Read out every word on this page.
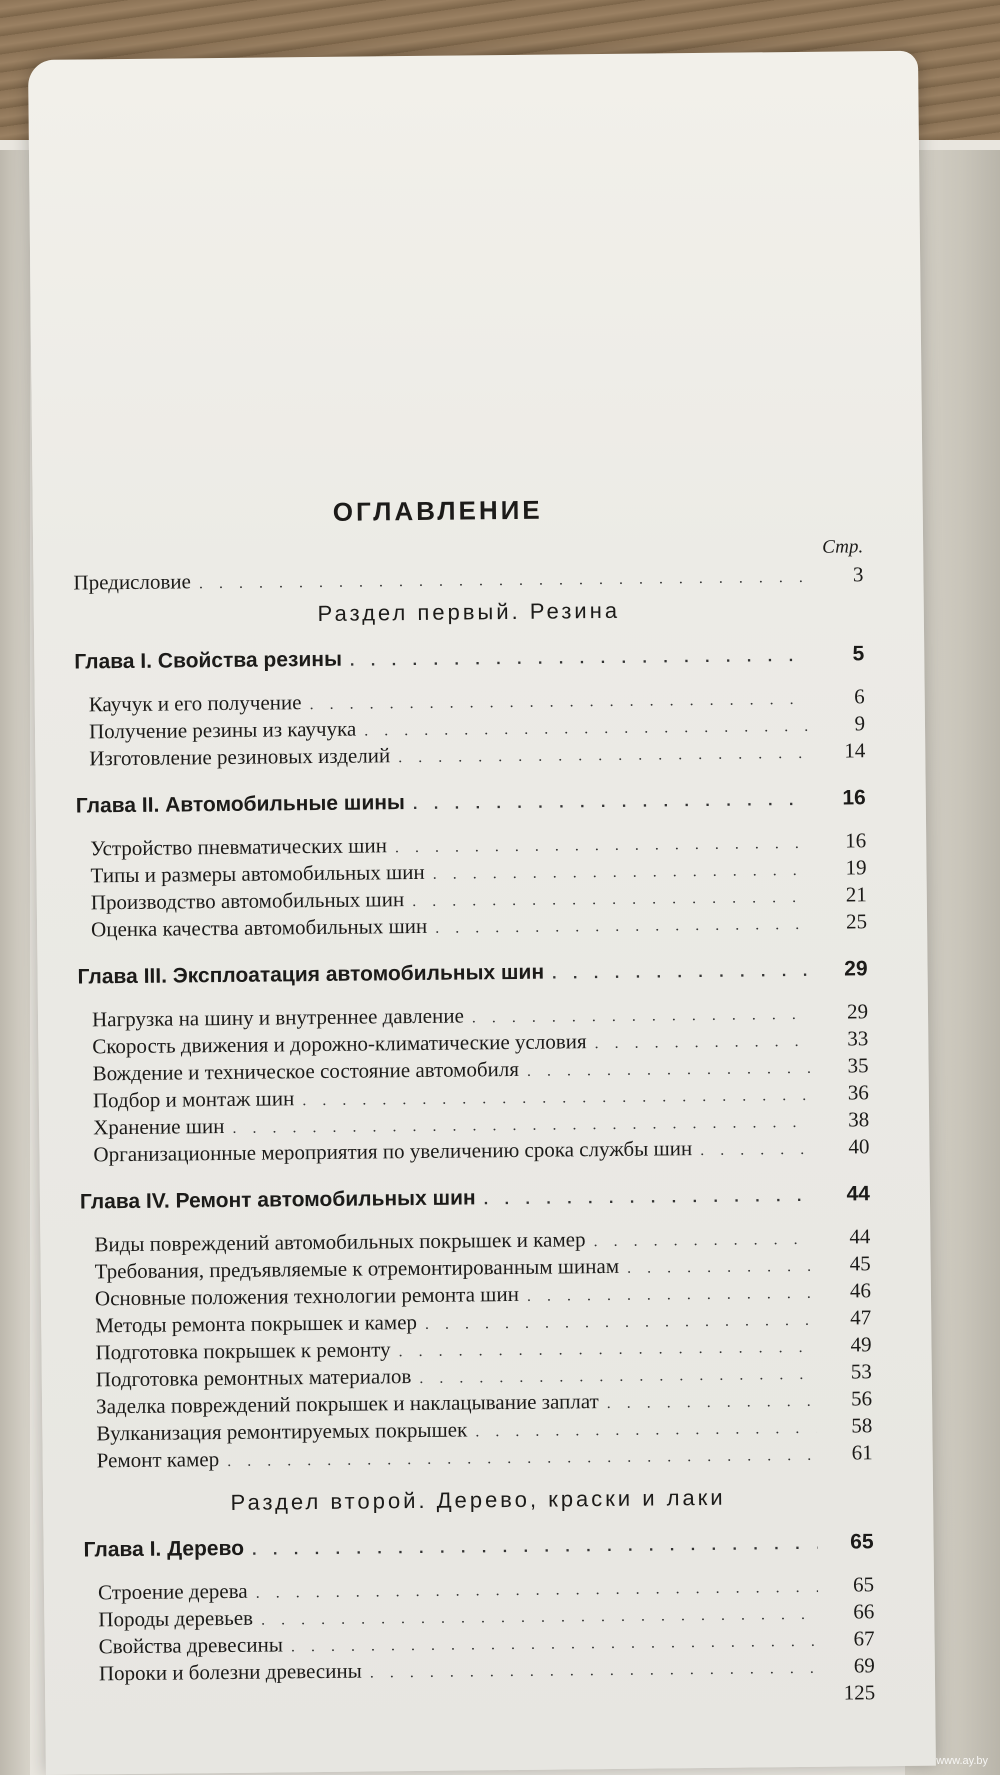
ОГЛАВЛЕНИЕ
Стр.
Предисловие . . .	3
Раздел первый. Резина
Глава I. Свойства резины . . .	5
Каучук и его получение . . .	6
Получение резины из каучука . . .	9
Изготовление резиновых изделий . . .	14
Глава II. Автомобильные шины . . .	16
Устройство пневматических шин . . .	16
Типы и размеры автомобильных шин . . .	19
Производство автомобильных шин . . .	21
Оценка качества автомобильных шин . . .	25
Глава III. Эксплоатация автомобильных шин . . .	29
Нагрузка на шину и внутреннее давление . . .	29
Скорость движения и дорожно-климатические условия . . .	33
Вождение и техническое состояние автомобиля . . .	35
Подбор и монтаж шин . . .	36
Хранение шин . . .	38
Организационные мероприятия по увеличению срока службы шин . . .	40
Глава IV. Ремонт автомобильных шин . . .	44
Виды повреждений автомобильных покрышек и камер . . .	44
Требования, предъявляемые к отремонтированным шинам . . .	45
Основные положения технологии ремонта шин . . .	46
Методы ремонта покрышек и камер . . .	47
Подготовка покрышек к ремонту . . .	49
Подготовка ремонтных материалов . . .	53
Заделка повреждений покрышек и наклацывание заплат . . .	56
Вулканизация ремонтируемых покрышек . . .	58
Ремонт камер . . .	61
Раздел второй. Дерево, краски и лаки
Глава I. Дерево . . .	65
Строение дерева . . .	65
Породы деревьев . . .	66
Свойства древесины . . .	67
Пороки и болезни древесины . . .	69
125
www.ay.by
